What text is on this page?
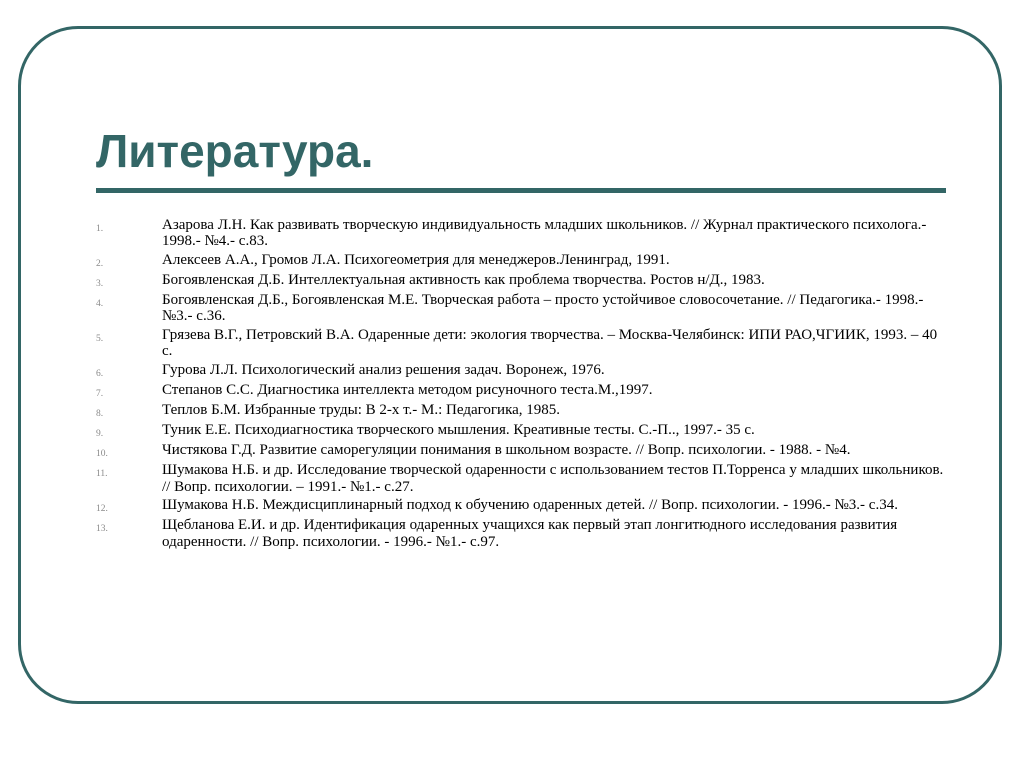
Литература.
1.	Азарова Л.Н. Как развивать творческую индивидуальность младших школьников. // Журнал практического психолога.- 1998.- №4.- с.83.
2.	Алексеев А.А., Громов Л.А. Психогеометрия для менеджеров.Ленинград, 1991.
3.	Богоявленская Д.Б. Интеллектуальная активность как проблема творчества. Ростов н/Д., 1983.
4.	Богоявленская Д.Б., Богоявленская М.Е. Творческая работа – просто устойчивое словосочетание. // Педагогика.- 1998.- №3.- с.36.
5.	Грязева В.Г., Петровский В.А. Одаренные дети: экология творчества. – Москва-Челябинск: ИПИ РАО,ЧГИИК, 1993. – 40 с.
6.	Гурова Л.Л. Психологический анализ решения задач. Воронеж, 1976.
7.	Степанов С.С. Диагностика интеллекта методом рисуночного теста.М.,1997.
8.	Теплов Б.М. Избранные труды: В 2-х т.- М.: Педагогика, 1985.
9.	Туник Е.Е. Психодиагностика творческого мышления. Креативные тесты. С.-П.., 1997.- 35 с.
10.	Чистякова Г.Д. Развитие саморегуляции понимания в школьном возрасте. // Вопр. психологии. - 1988. - №4.
11.	Шумакова Н.Б. и др. Исследование творческой одаренности с использованием тестов П.Торренса у младших школьников. // Вопр. психологии. – 1991.- №1.- с.27.
12.	Шумакова Н.Б. Междисциплинарный подход к обучению одаренных детей. // Вопр. психологии. - 1996.- №3.- с.34.
13.	Щебланова Е.И. и др. Идентификация одаренных учащихся как первый этап лонгитюдного исследования развития одаренности. // Вопр. психологии. - 1996.- №1.- с.97.
